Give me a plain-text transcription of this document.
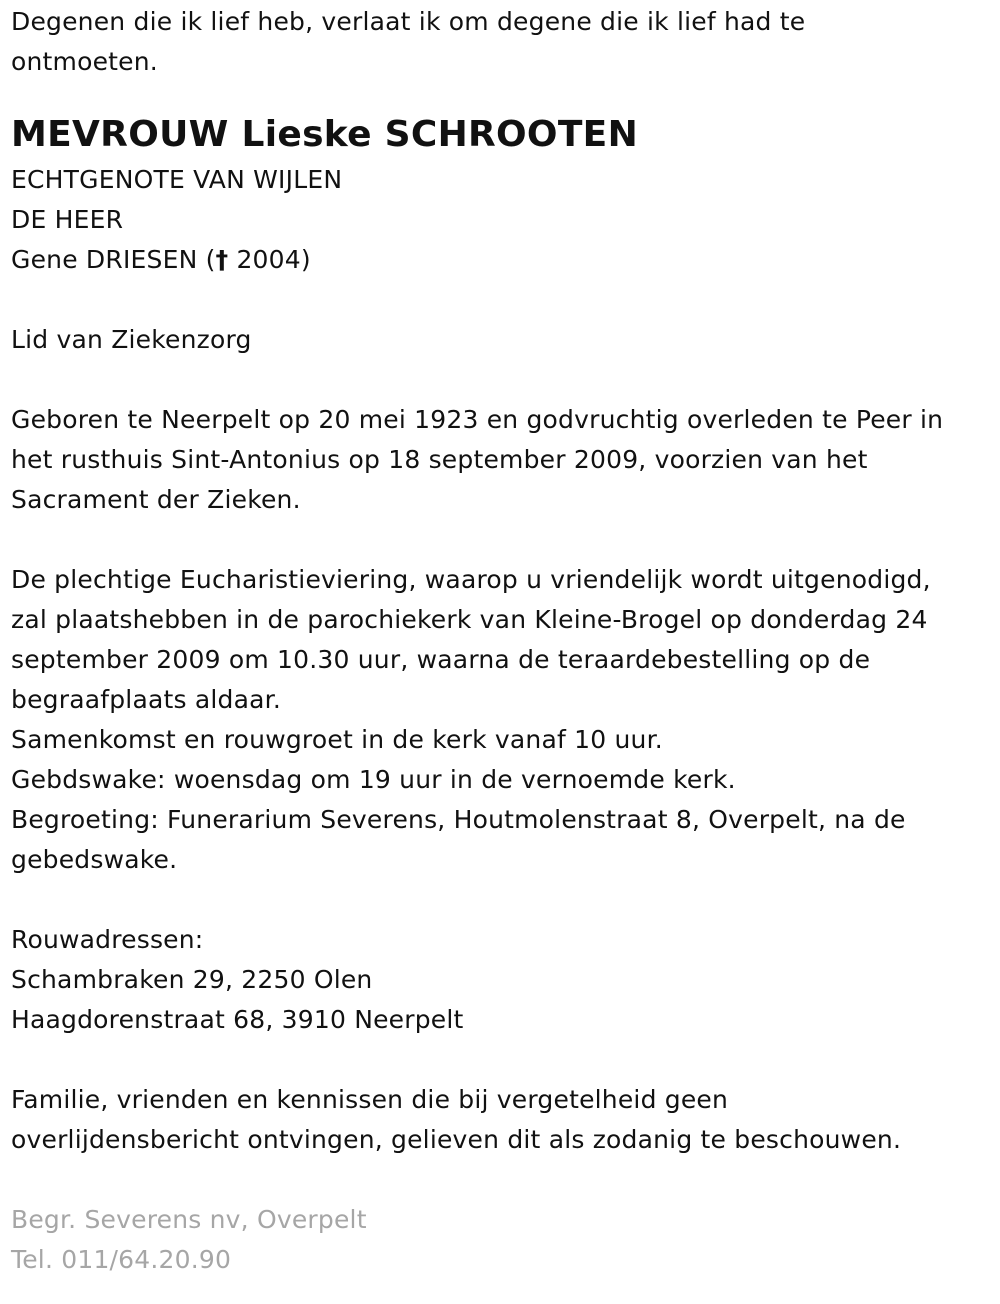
Degenen die ik lief heb, verlaat ik om degene die ik lief had te
ontmoeten.
MEVROUW Lieske SCHROOTEN
ECHTGENOTE VAN WIJLEN
DE HEER
Gene DRIESEN († 2004)
Lid van Ziekenzorg
Geboren te Neerpelt op 20 mei 1923 en godvruchtig overleden te Peer in
het rusthuis Sint-Antonius op 18 september 2009, voorzien van het
Sacrament der Zieken.
De plechtige Eucharistieviering, waarop u vriendelijk wordt uitgenodigd,
zal plaatshebben in de parochiekerk van Kleine-Brogel op donderdag 24
september 2009 om 10.30 uur, waarna de teraardebestelling op de
begraafplaats aldaar.
Samenkomst en rouwgroet in de kerk vanaf 10 uur.
Gebdswake: woensdag om 19 uur in de vernoemde kerk.
Begroeting: Funerarium Severens, Houtmolenstraat 8, Overpelt, na de
gebedswake.
Rouwadressen:
Schambraken 29, 2250 Olen
Haagdorenstraat 68, 3910 Neerpelt
Familie, vrienden en kennissen die bij vergetelheid geen
overlijdensbericht ontvingen, gelieven dit als zodanig te beschouwen.
Begr. Severens nv, Overpelt
Tel. 011/64.20.90
